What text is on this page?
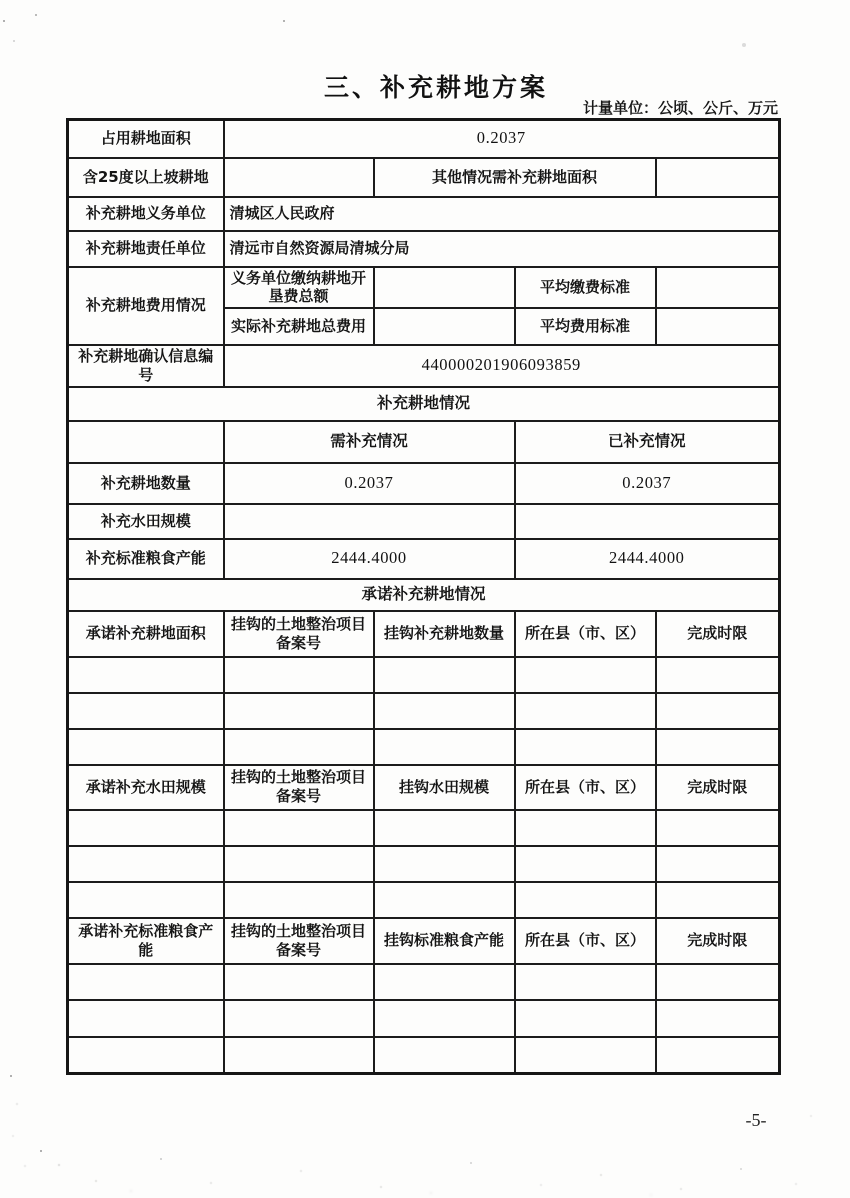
三、补充耕地方案
计量单位：公顷、公斤、万元
占用耕地面积	0.2037			
含25度以上坡耕地		其他情况需补充耕地面积		
补充耕地义务单位	清城区人民政府			
补充耕地责任单位	清远市自然资源局清城分局			
补充耕地费用情况	义务单位缴纳耕地开垦费总额		平均缴费标准	
	实际补充耕地总费用		平均费用标准	
补充耕地确认信息编号	440000201906093859			
补充耕地情况				
	需补充情况		已补充情况	
补充耕地数量	0.2037		0.2037	
补充水田规模				
补充标准粮食产能	2444.4000		2444.4000	
承诺补充耕地情况				
承诺补充耕地面积	挂钩的土地整治项目备案号	挂钩补充耕地数量	所在县（市、区）	完成时限

承诺补充水田规模	挂钩的土地整治项目备案号	挂钩水田规模	所在县（市、区）	完成时限

承诺补充标准粮食产能	挂钩的土地整治项目备案号	挂钩标准粮食产能	所在县（市、区）	完成时限

-5-
